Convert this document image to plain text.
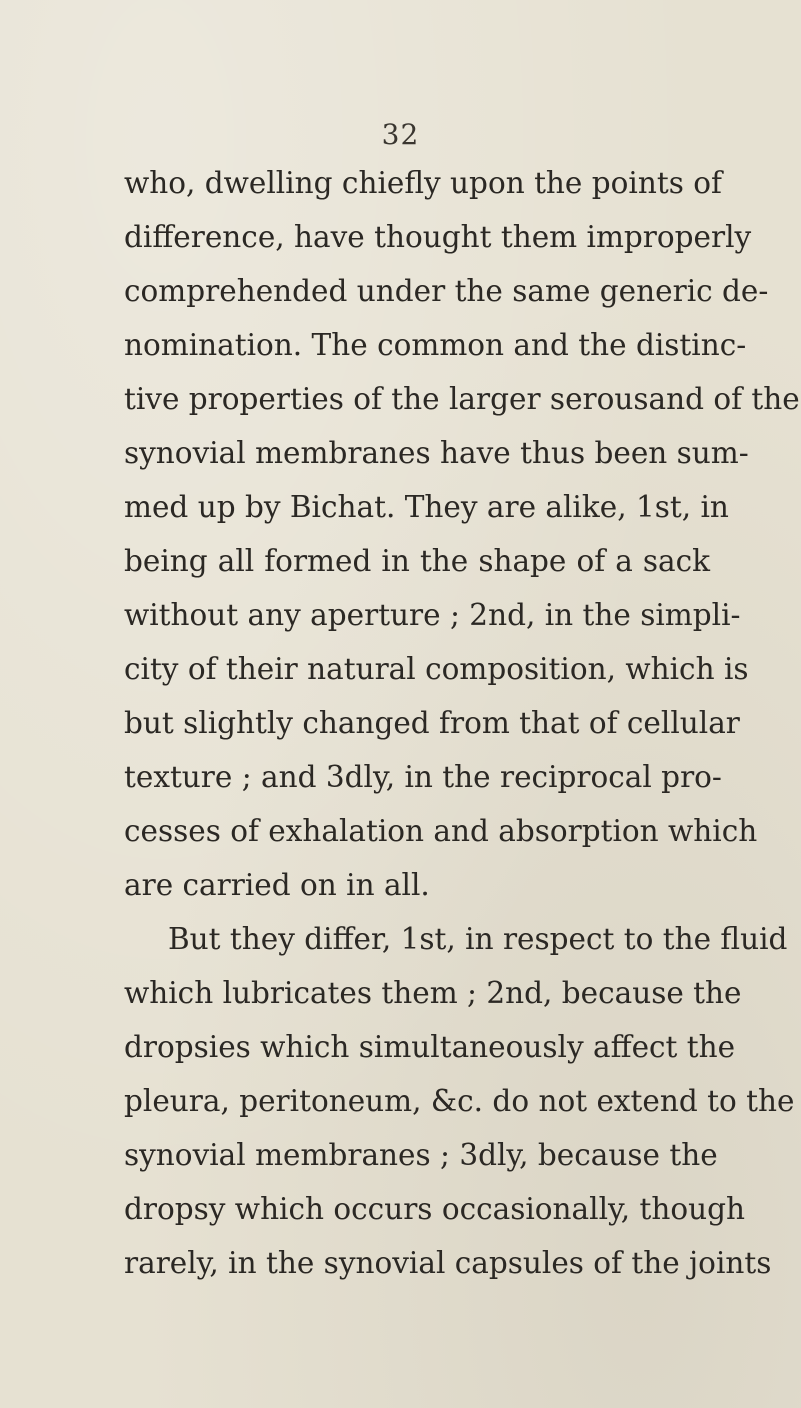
32
who, dwelling chiefly upon the points of
difference, have thought them improperly
comprehended under the same generic de-
nomination. The common and the distinc-
tive properties of the larger serousand of the
synovial membranes have thus been sum-
med up by Bichat. They are alike, 1st, in
being all formed in the shape of a sack
without any aperture ; 2nd, in the simpli-
city of their natural composition, which is
but slightly changed from that of cellular
texture ; and 3dly, in the reciprocal pro-
cesses of exhalation and absorption which
are carried on in all.
But they differ, 1st, in respect to the fluid
which lubricates them ; 2nd, because the
dropsies which simultaneously affect the
pleura, peritoneum, &c. do not extend to the
synovial membranes ; 3dly, because the
dropsy which occurs occasionally, though
rarely, in the synovial capsules of the joints
